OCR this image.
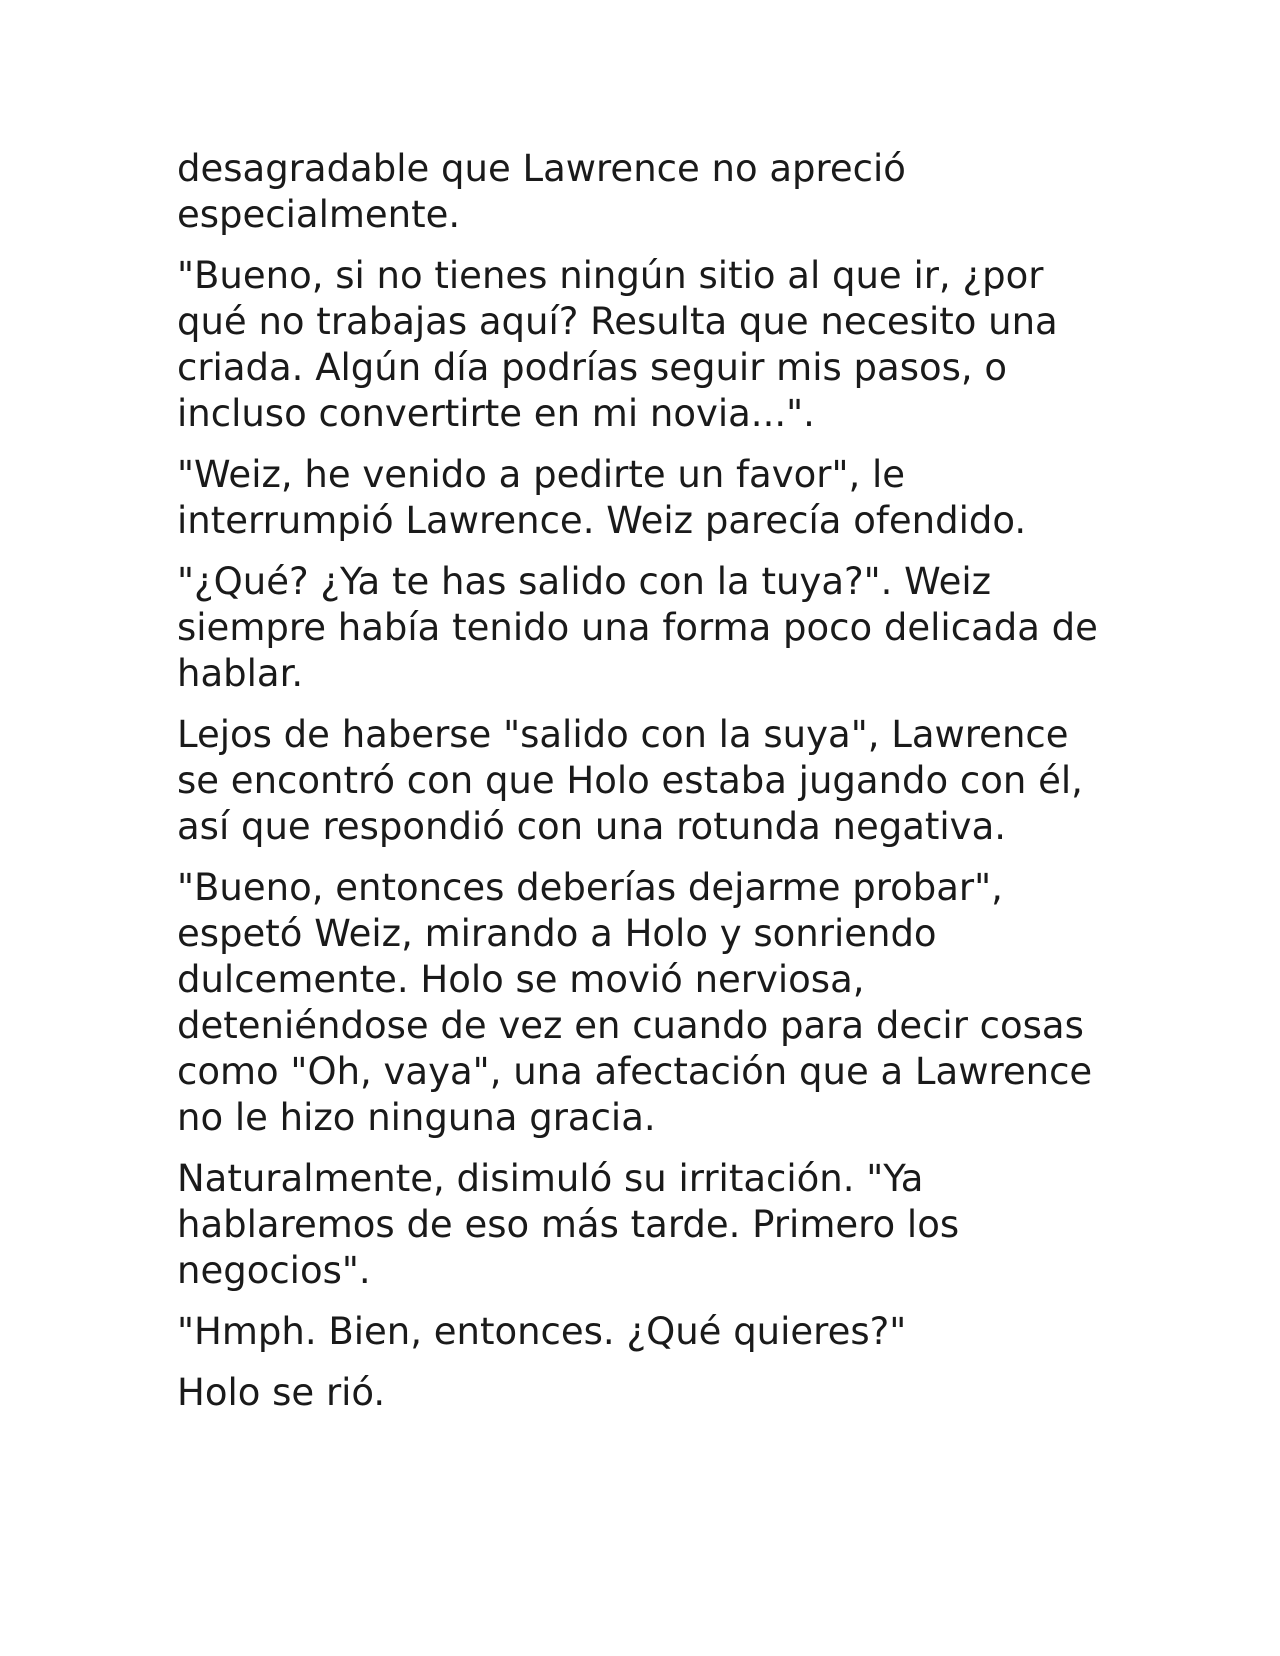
desagradable que Lawrence no apreció especialmente.

"Bueno, si no tienes ningún sitio al que ir, ¿por qué no trabajas aquí? Resulta que necesito una criada. Algún día podrías seguir mis pasos, o incluso convertirte en mi novia...".

"Weiz, he venido a pedirte un favor", le interrumpió Lawrence. Weiz parecía ofendido.

"¿Qué? ¿Ya te has salido con la tuya?". Weiz siempre había tenido una forma poco delicada de hablar.

Lejos de haberse "salido con la suya", Lawrence se encontró con que Holo estaba jugando con él, así que respondió con una rotunda negativa.

"Bueno, entonces deberías dejarme probar", espetó Weiz, mirando a Holo y sonriendo dulcemente. Holo se movió nerviosa, deteniéndose de vez en cuando para decir cosas como "Oh, vaya", una afectación que a Lawrence no le hizo ninguna gracia.

Naturalmente, disimuló su irritación. "Ya hablaremos de eso más tarde. Primero los negocios".

"Hmph. Bien, entonces. ¿Qué quieres?"

Holo se rió.
